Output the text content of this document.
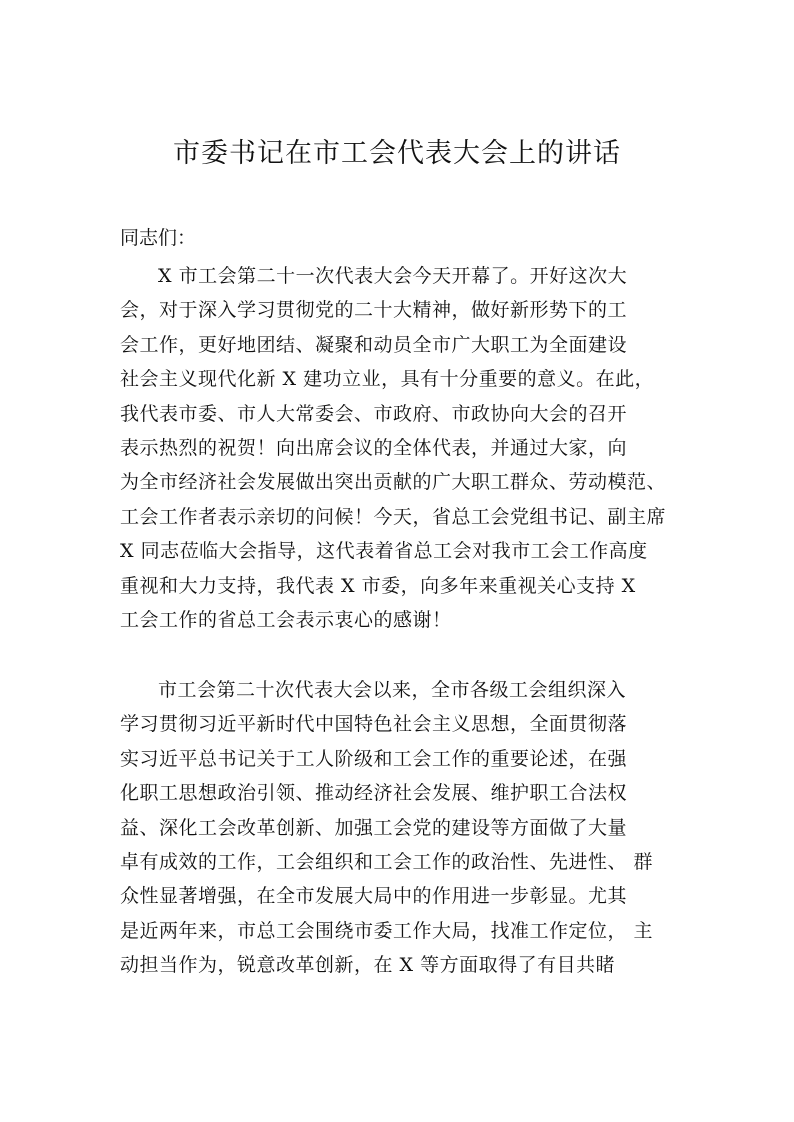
市委书记在市工会代表大会上的讲话

同志们：

X 市工会第二十一次代表大会今天开幕了。开好这次大
会，对于深入学习贯彻党的二十大精神，做好新形势下的工
会工作，更好地团结、凝聚和动员全市广大职工为全面建设
社会主义现代化新 X 建功立业，具有十分重要的意义。在此，
我代表市委、市人大常委会、市政府、市政协向大会的召开
表示热烈的祝贺！向出席会议的全体代表，并通过大家，向
为全市经济社会发展做出突出贡献的广大职工群众、劳动模范、
工会工作者表示亲切的问候！今天，省总工会党组书记、副主席
X 同志莅临大会指导，这代表着省总工会对我市工会工作高度
重视和大力支持，我代表 X 市委，向多年来重视关心支持 X
工会工作的省总工会表示衷心的感谢！
市工会第二十次代表大会以来，全市各级工会组织深入
学习贯彻习近平新时代中国特色社会主义思想，全面贯彻落
实习近平总书记关于工人阶级和工会工作的重要论述，在强
化职工思想政治引领、推动经济社会发展、维护职工合法权
益、深化工会改革创新、加强工会党的建设等方面做了大量
卓有成效的工作，工会组织和工会工作的政治性、先进性、 群
众性显著增强，在全市发展大局中的作用进一步彰显。尤其
是近两年来，市总工会围绕市委工作大局，找准工作定位， 主
动担当作为，锐意改革创新，在 X 等方面取得了有目共睹
